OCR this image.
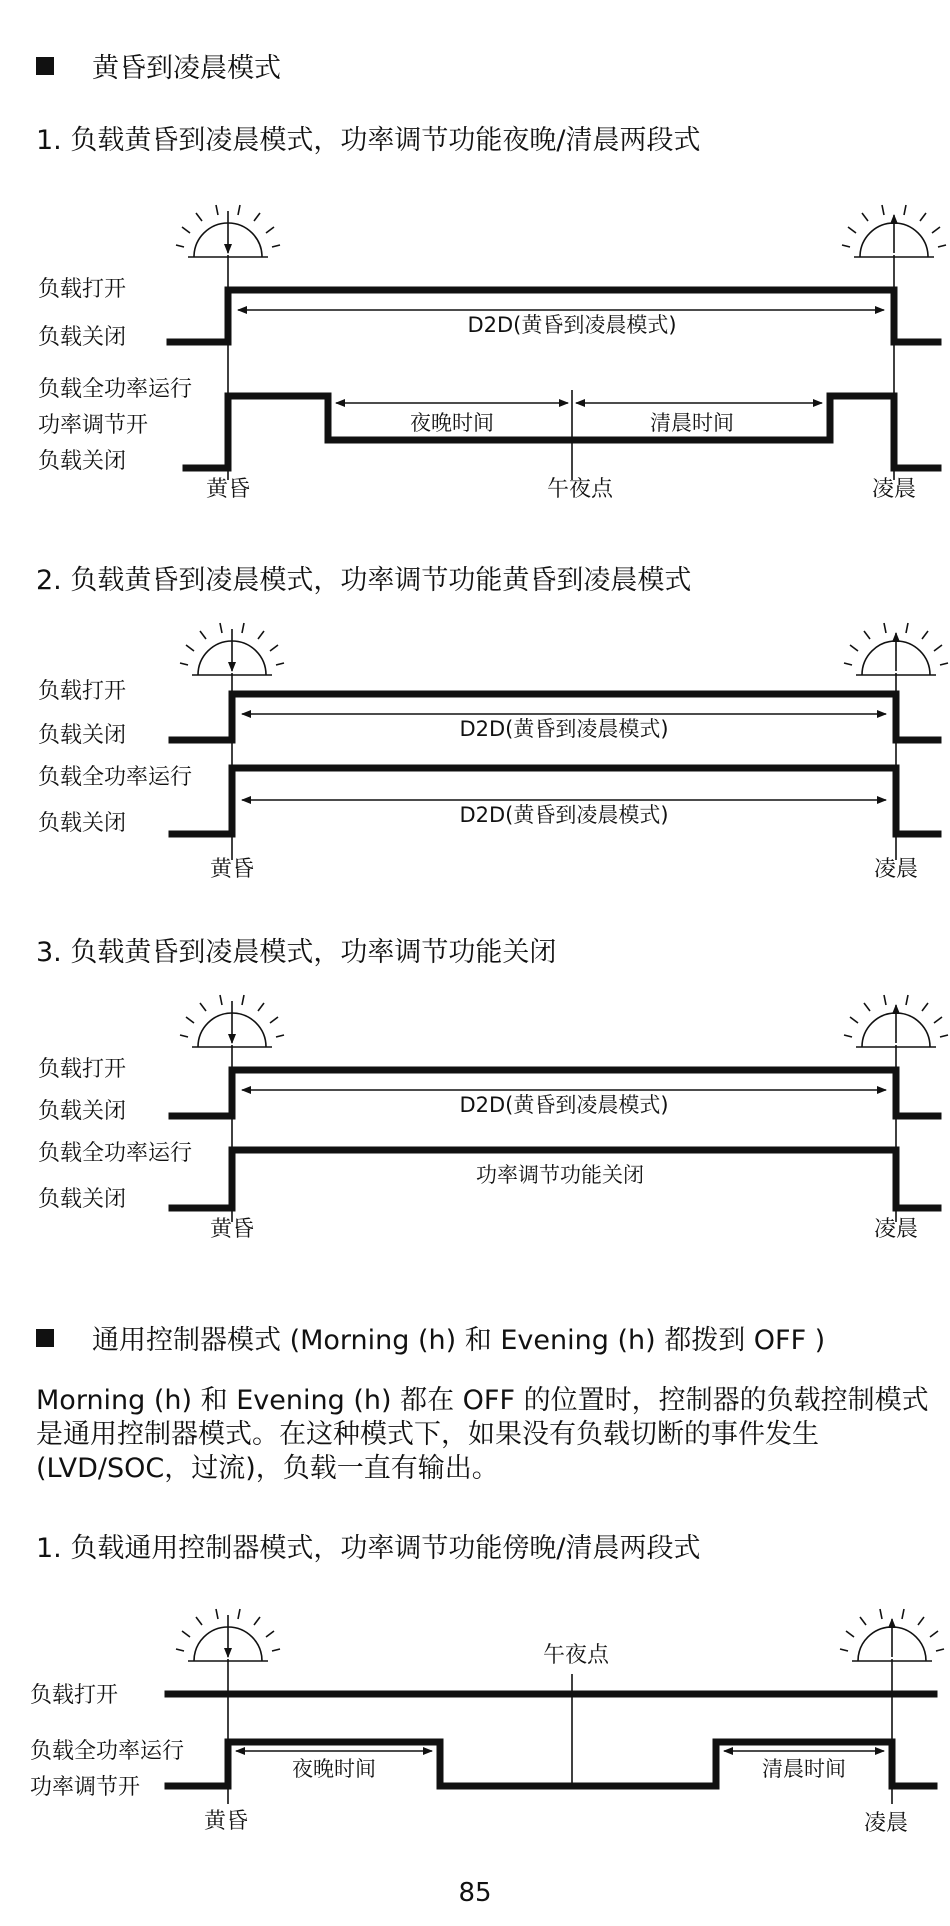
黄昏到凌晨模式
1. 负载黄昏到凌晨模式，功率调节功能夜晚/清晨两段式
负载打开
负载关闭
负载全功率运行
功率调节开
负载关闭
D2D(黄昏到凌晨模式)
夜晚时间	清晨时间
黄昏	午夜点	凌晨
2. 负载黄昏到凌晨模式，功率调节功能黄昏到凌晨模式
负载打开
负载关闭
负载全功率运行
负载关闭
D2D(黄昏到凌晨模式)
D2D(黄昏到凌晨模式)
黄昏	凌晨
3. 负载黄昏到凌晨模式，功率调节功能关闭
负载打开
负载关闭
负载全功率运行
负载关闭
D2D(黄昏到凌晨模式)
功率调节功能关闭
黄昏	凌晨
通用控制器模式 (Morning (h) 和 Evening (h) 都拨到 OFF )
Morning (h) 和 Evening (h) 都在 OFF 的位置时，控制器的负载控制模式是通用控制器模式。在这种模式下，如果没有负载切断的事件发生(LVD/SOC，过流)，负载一直有输出。
1. 负载通用控制器模式，功率调节功能傍晚/清晨两段式
午夜点
负载打开
负载全功率运行
功率调节开
夜晚时间	清晨时间
黄昏	凌晨
85
